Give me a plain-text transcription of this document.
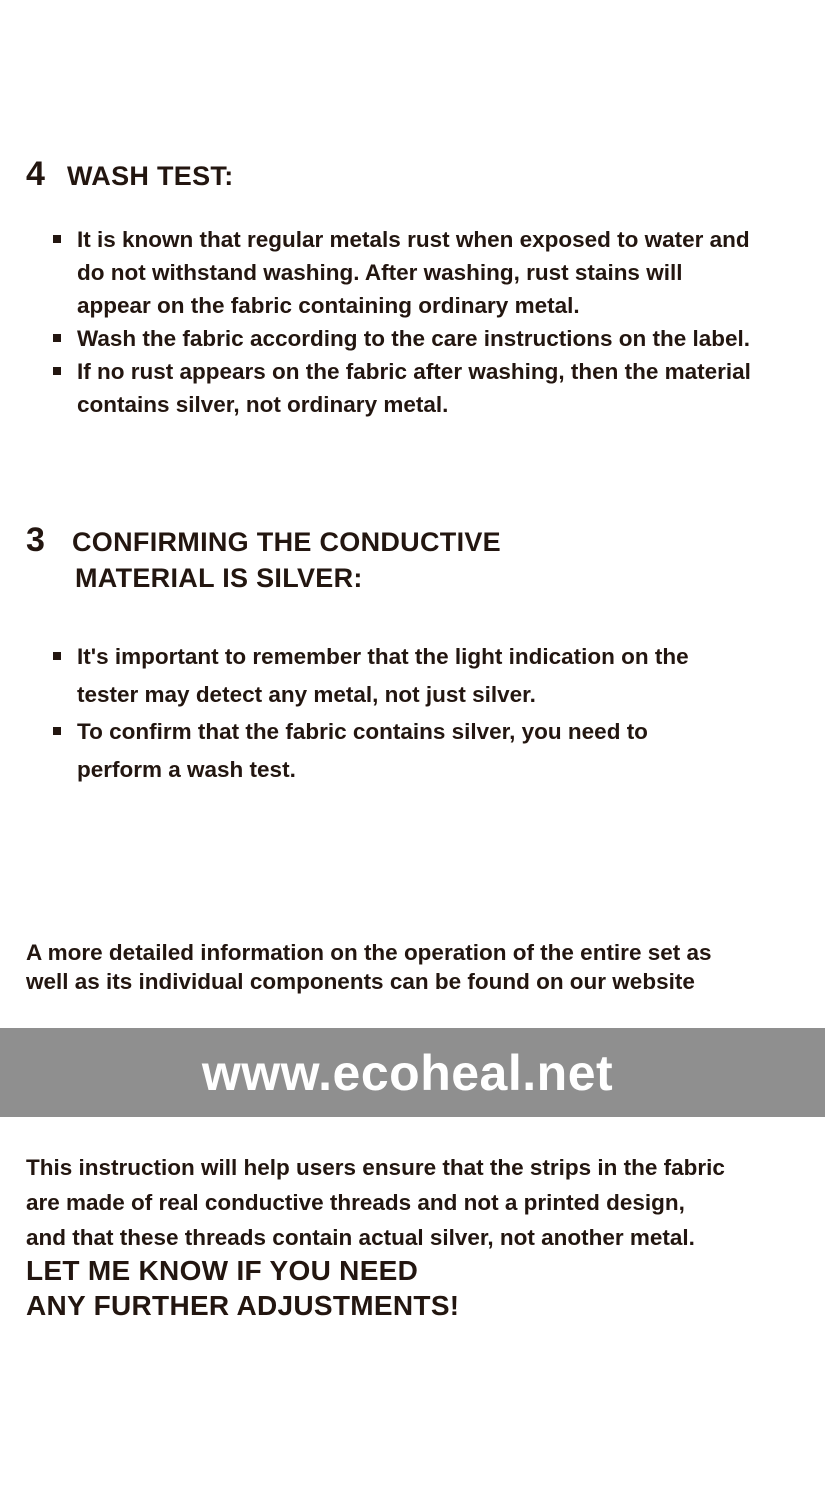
4 WASH TEST:
It is known that regular metals rust when exposed to water and do not withstand washing. After washing, rust stains will appear on the fabric containing ordinary metal.
Wash the fabric according to the care instructions on the label.
If no rust appears on the fabric after washing, then the material contains silver, not ordinary metal.
3 CONFIRMING THE CONDUCTIVE
MATERIAL IS SILVER:
It's important to remember that the light indication on the tester may detect any metal, not just silver.
To confirm that the fabric contains silver, you need to perform a wash test.
A more detailed information on the operation of the entire set as
well as its individual components can be found on our website
www.ecoheal.net
This instruction will help users ensure that the strips in the fabric
are made of real conductive threads and not a printed design,
and that these threads contain actual silver, not another metal.
LET ME KNOW IF YOU NEED
ANY FURTHER ADJUSTMENTS!
